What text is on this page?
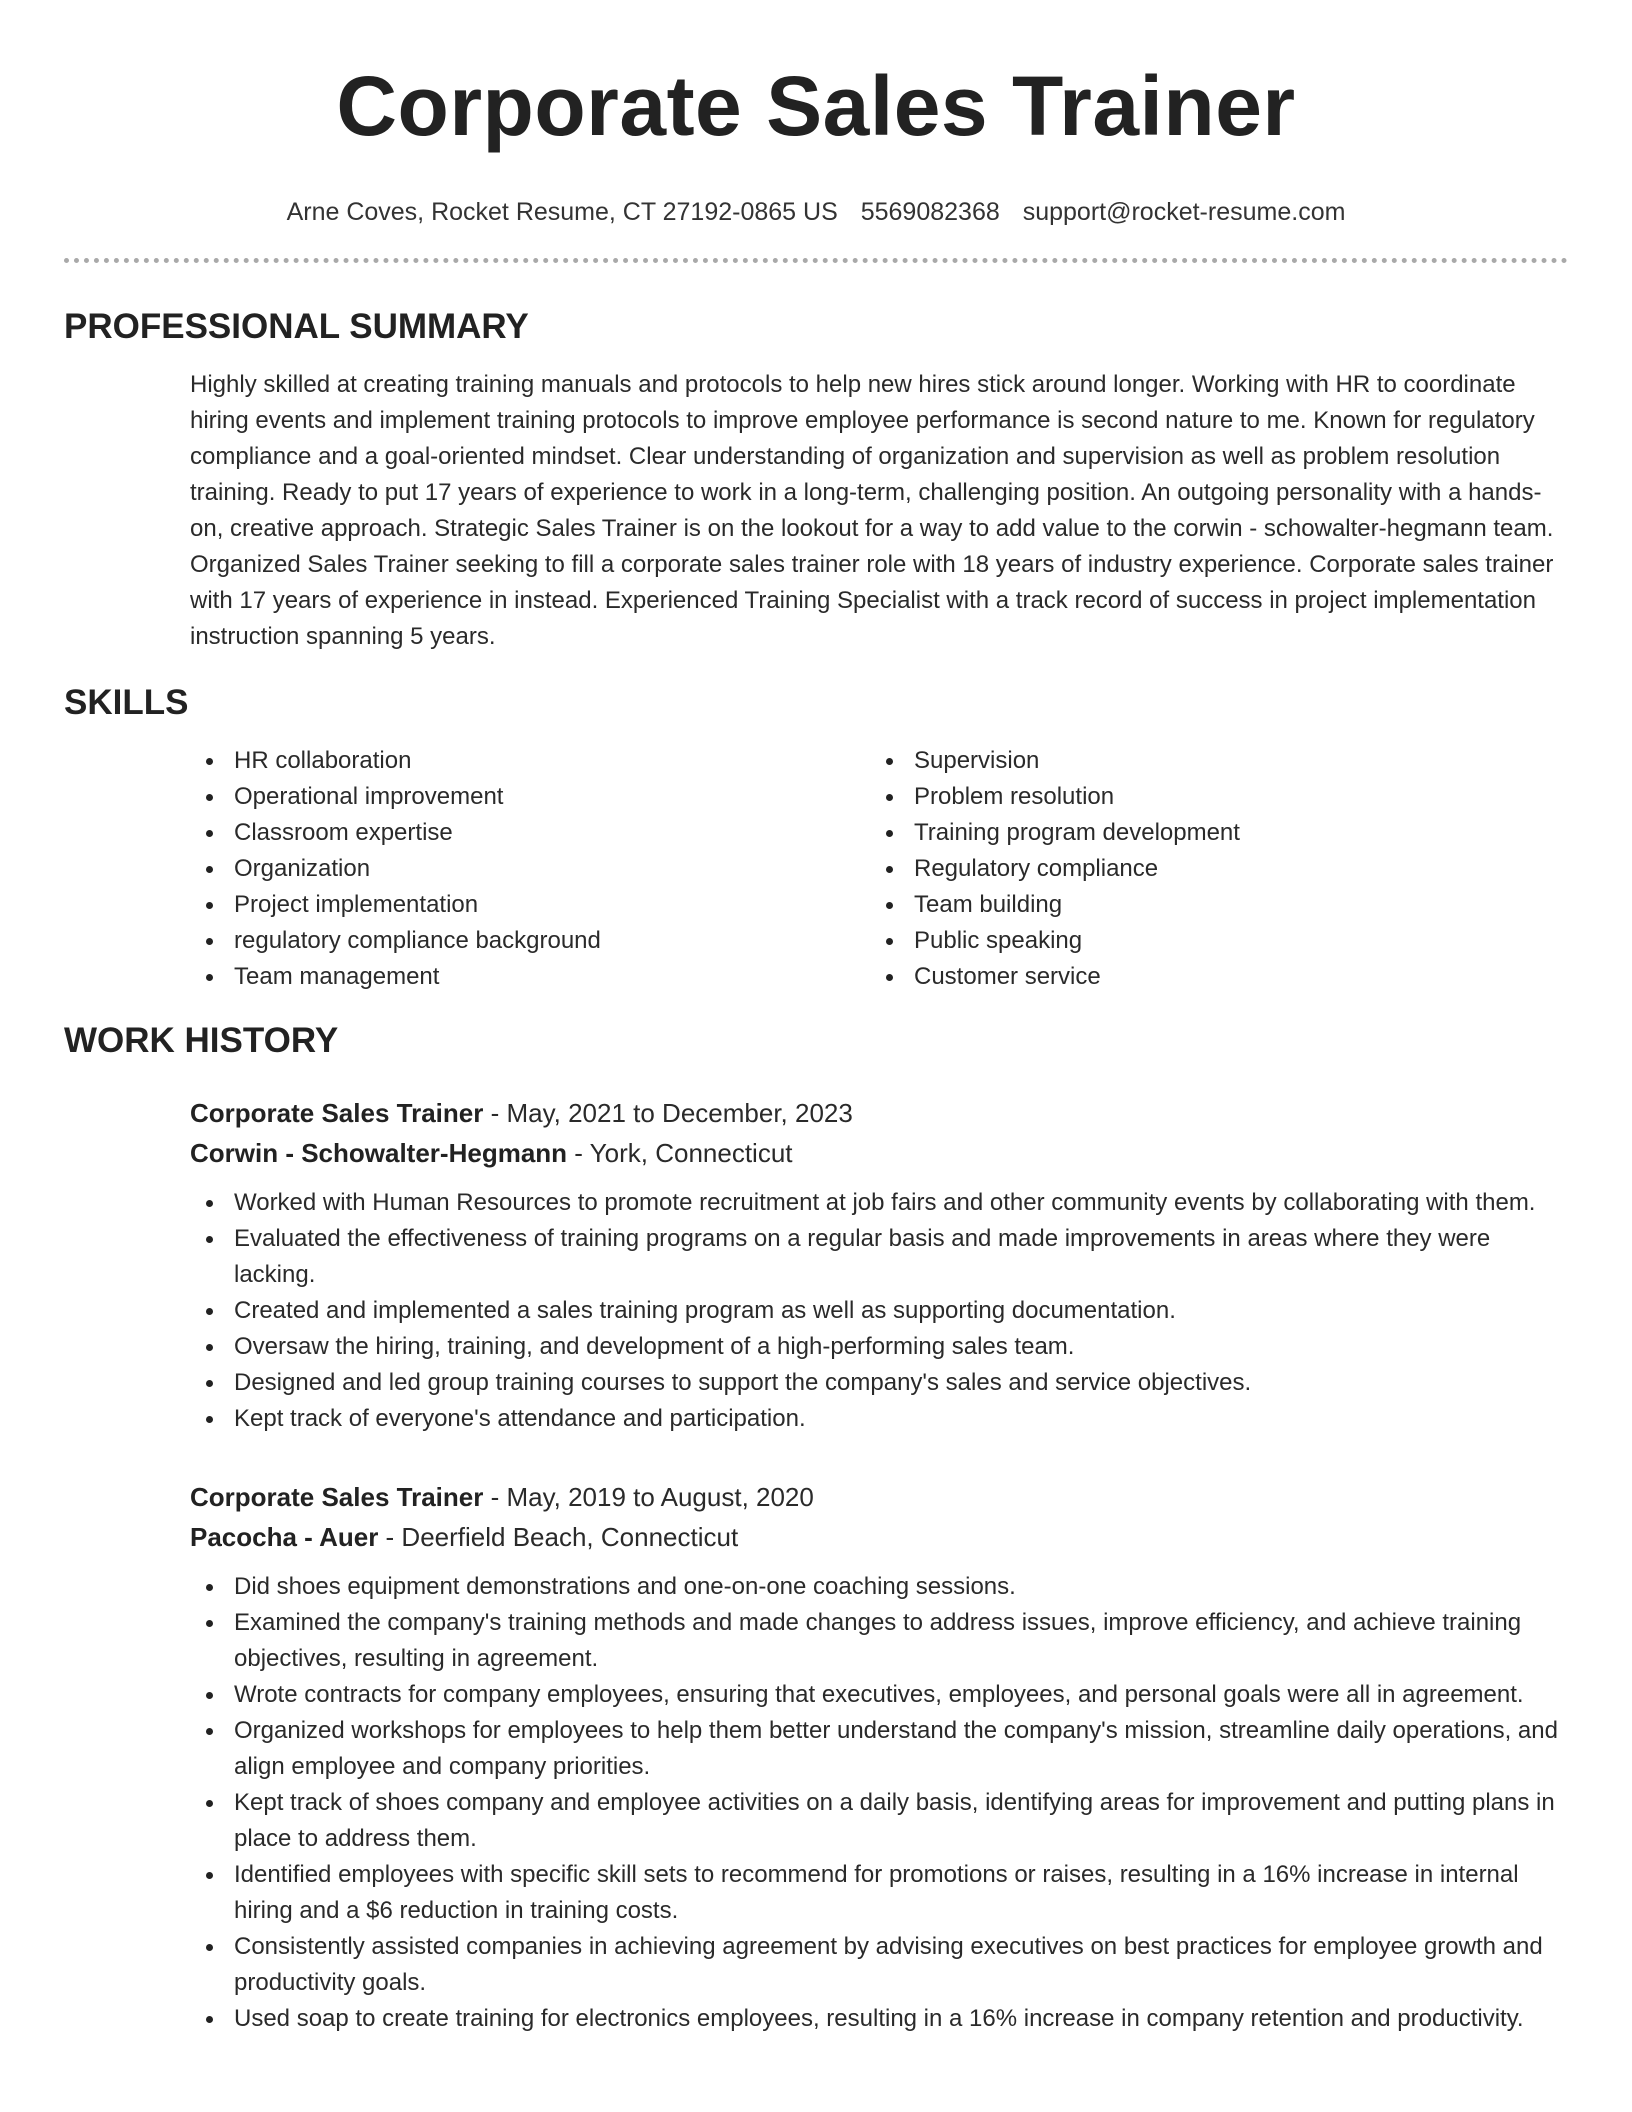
Corporate Sales Trainer
Arne Coves, Rocket Resume, CT 27192-0865 US 5569082368 support@rocket-resume.com
PROFESSIONAL SUMMARY
Highly skilled at creating training manuals and protocols to help new hires stick around longer. Working with HR to coordinate hiring events and implement training protocols to improve employee performance is second nature to me. Known for regulatory compliance and a goal-oriented mindset. Clear understanding of organization and supervision as well as problem resolution training. Ready to put 17 years of experience to work in a long-term, challenging position. An outgoing personality with a hands-on, creative approach. Strategic Sales Trainer is on the lookout for a way to add value to the corwin - schowalter-hegmann team. Organized Sales Trainer seeking to fill a corporate sales trainer role with 18 years of industry experience. Corporate sales trainer with 17 years of experience in instead. Experienced Training Specialist with a track record of success in project implementation instruction spanning 5 years.
SKILLS
HR collaboration
Operational improvement
Classroom expertise
Organization
Project implementation
regulatory compliance background
Team management
Supervision
Problem resolution
Training program development
Regulatory compliance
Team building
Public speaking
Customer service
WORK HISTORY
Corporate Sales Trainer - May, 2021 to December, 2023
Corwin - Schowalter-Hegmann - York, Connecticut
Worked with Human Resources to promote recruitment at job fairs and other community events by collaborating with them.
Evaluated the effectiveness of training programs on a regular basis and made improvements in areas where they were lacking.
Created and implemented a sales training program as well as supporting documentation.
Oversaw the hiring, training, and development of a high-performing sales team.
Designed and led group training courses to support the company's sales and service objectives.
Kept track of everyone's attendance and participation.
Corporate Sales Trainer - May, 2019 to August, 2020
Pacocha - Auer - Deerfield Beach, Connecticut
Did shoes equipment demonstrations and one-on-one coaching sessions.
Examined the company's training methods and made changes to address issues, improve efficiency, and achieve training objectives, resulting in agreement.
Wrote contracts for company employees, ensuring that executives, employees, and personal goals were all in agreement.
Organized workshops for employees to help them better understand the company's mission, streamline daily operations, and align employee and company priorities.
Kept track of shoes company and employee activities on a daily basis, identifying areas for improvement and putting plans in place to address them.
Identified employees with specific skill sets to recommend for promotions or raises, resulting in a 16% increase in internal hiring and a $6 reduction in training costs.
Consistently assisted companies in achieving agreement by advising executives on best practices for employee growth and productivity goals.
Used soap to create training for electronics employees, resulting in a 16% increase in company retention and productivity.
